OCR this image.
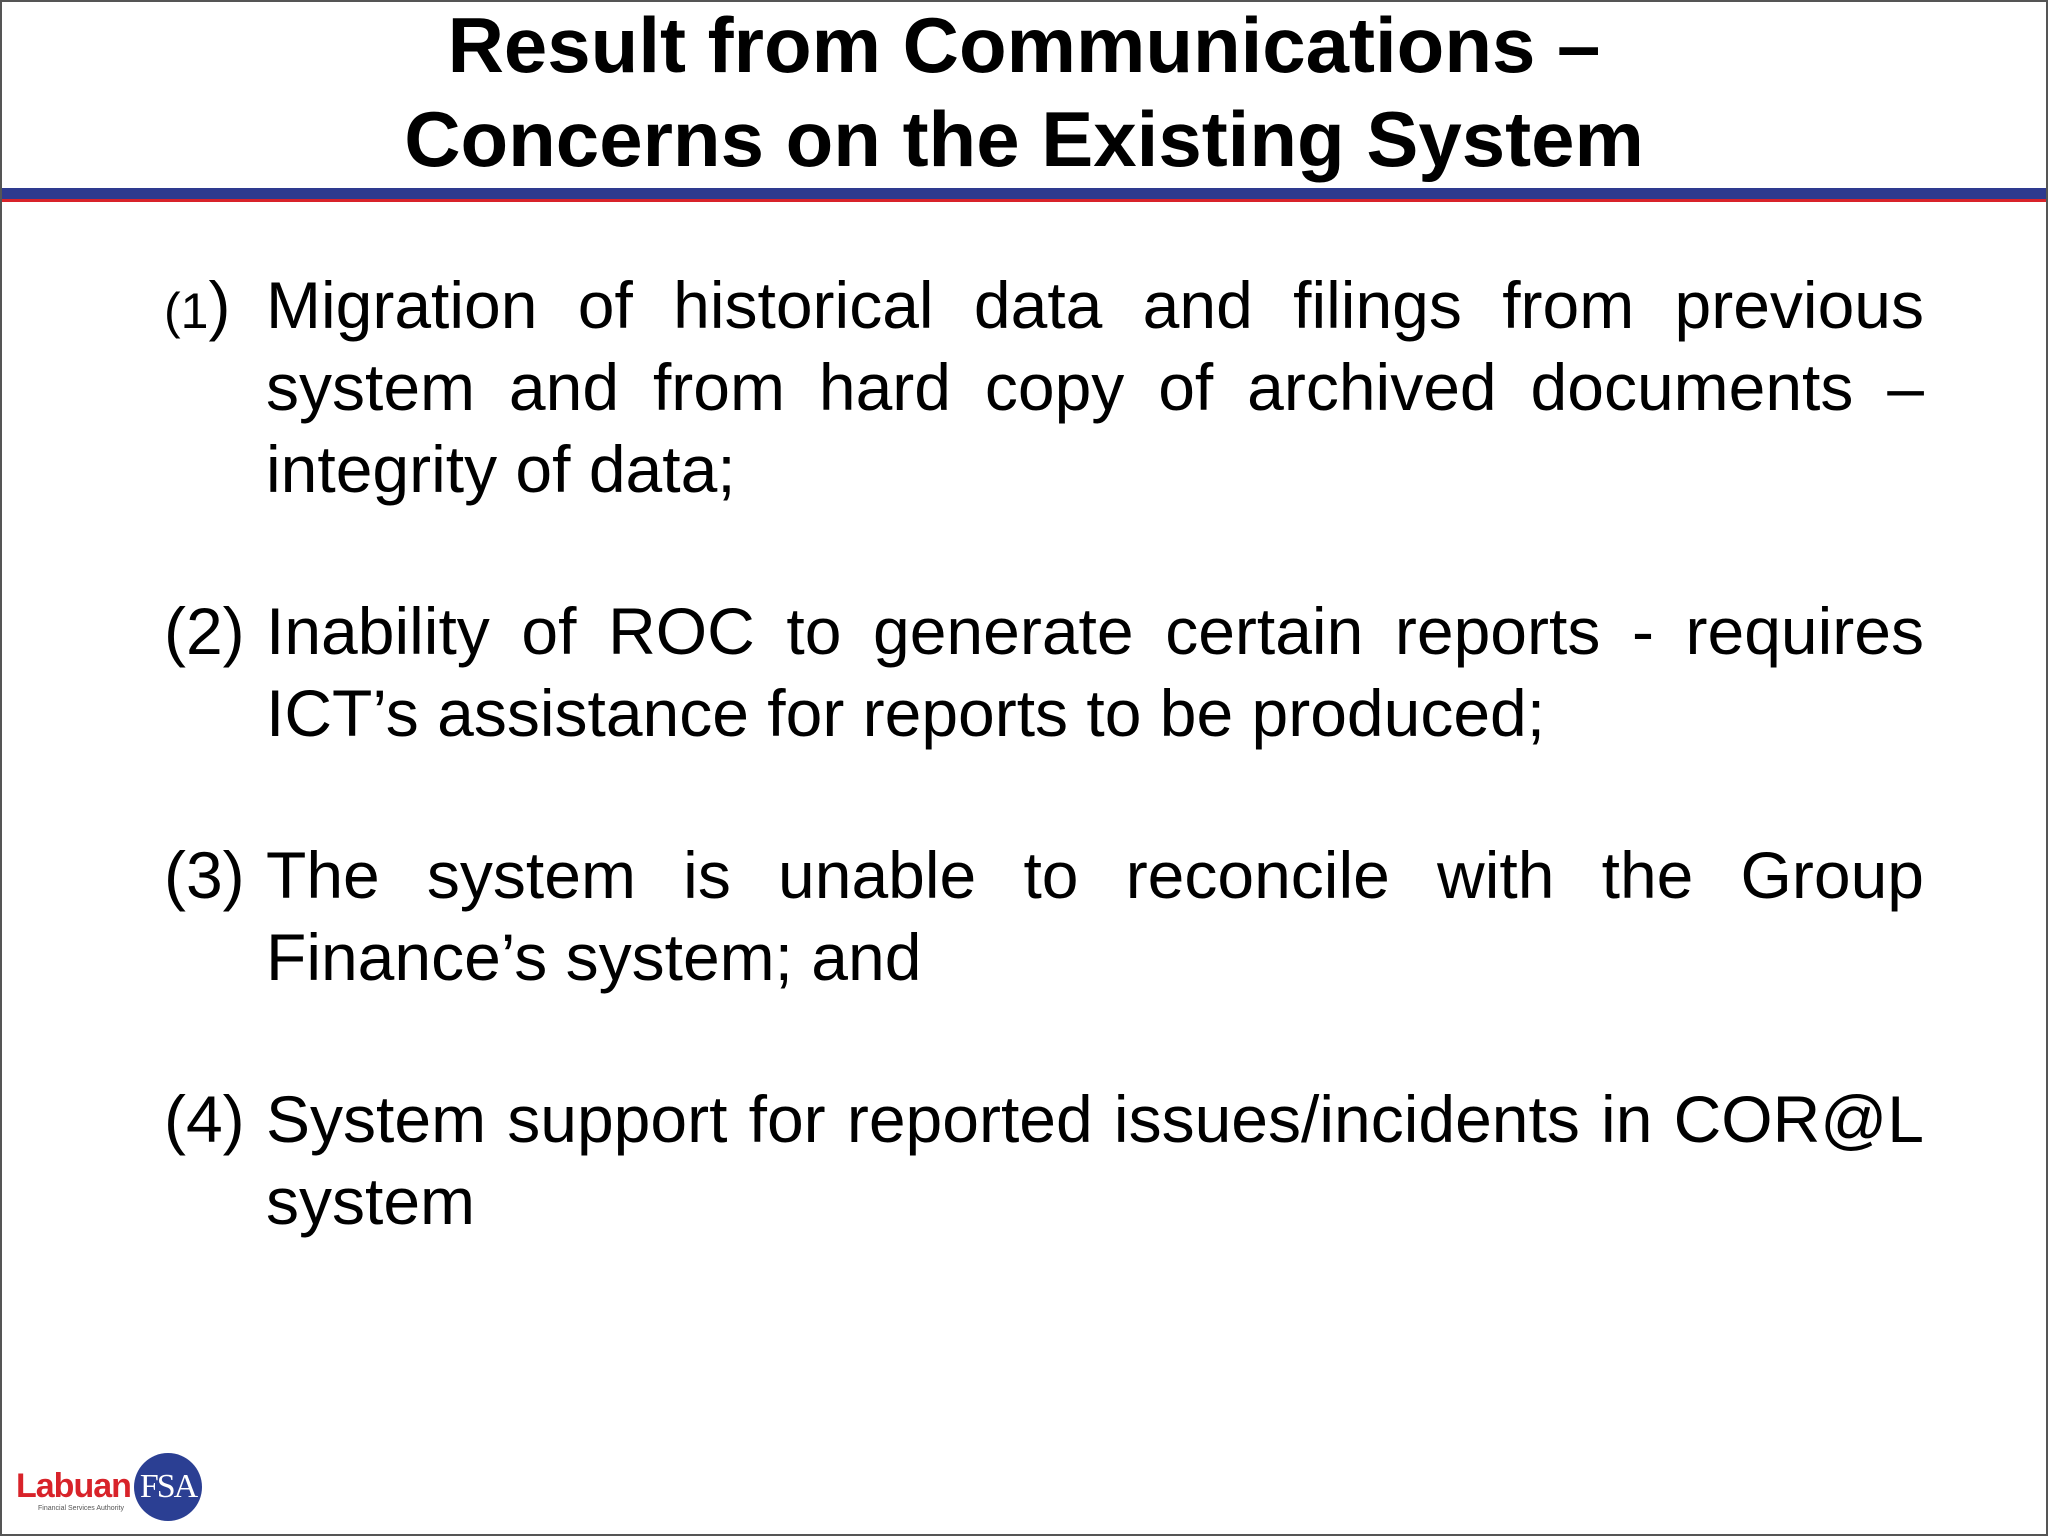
Result from Communications –
Concerns on the Existing System
(1) Migration of historical data and filings from previous system and from hard copy of archived documents – integrity of data;
(2) Inability of ROC to generate certain reports - requires ICT’s assistance for reports to be produced;
(3) The system is unable to reconcile with the Group Finance’s system; and
(4) System support for reported issues/incidents in COR@L system
Labuan
Financial Services Authority
FSA
